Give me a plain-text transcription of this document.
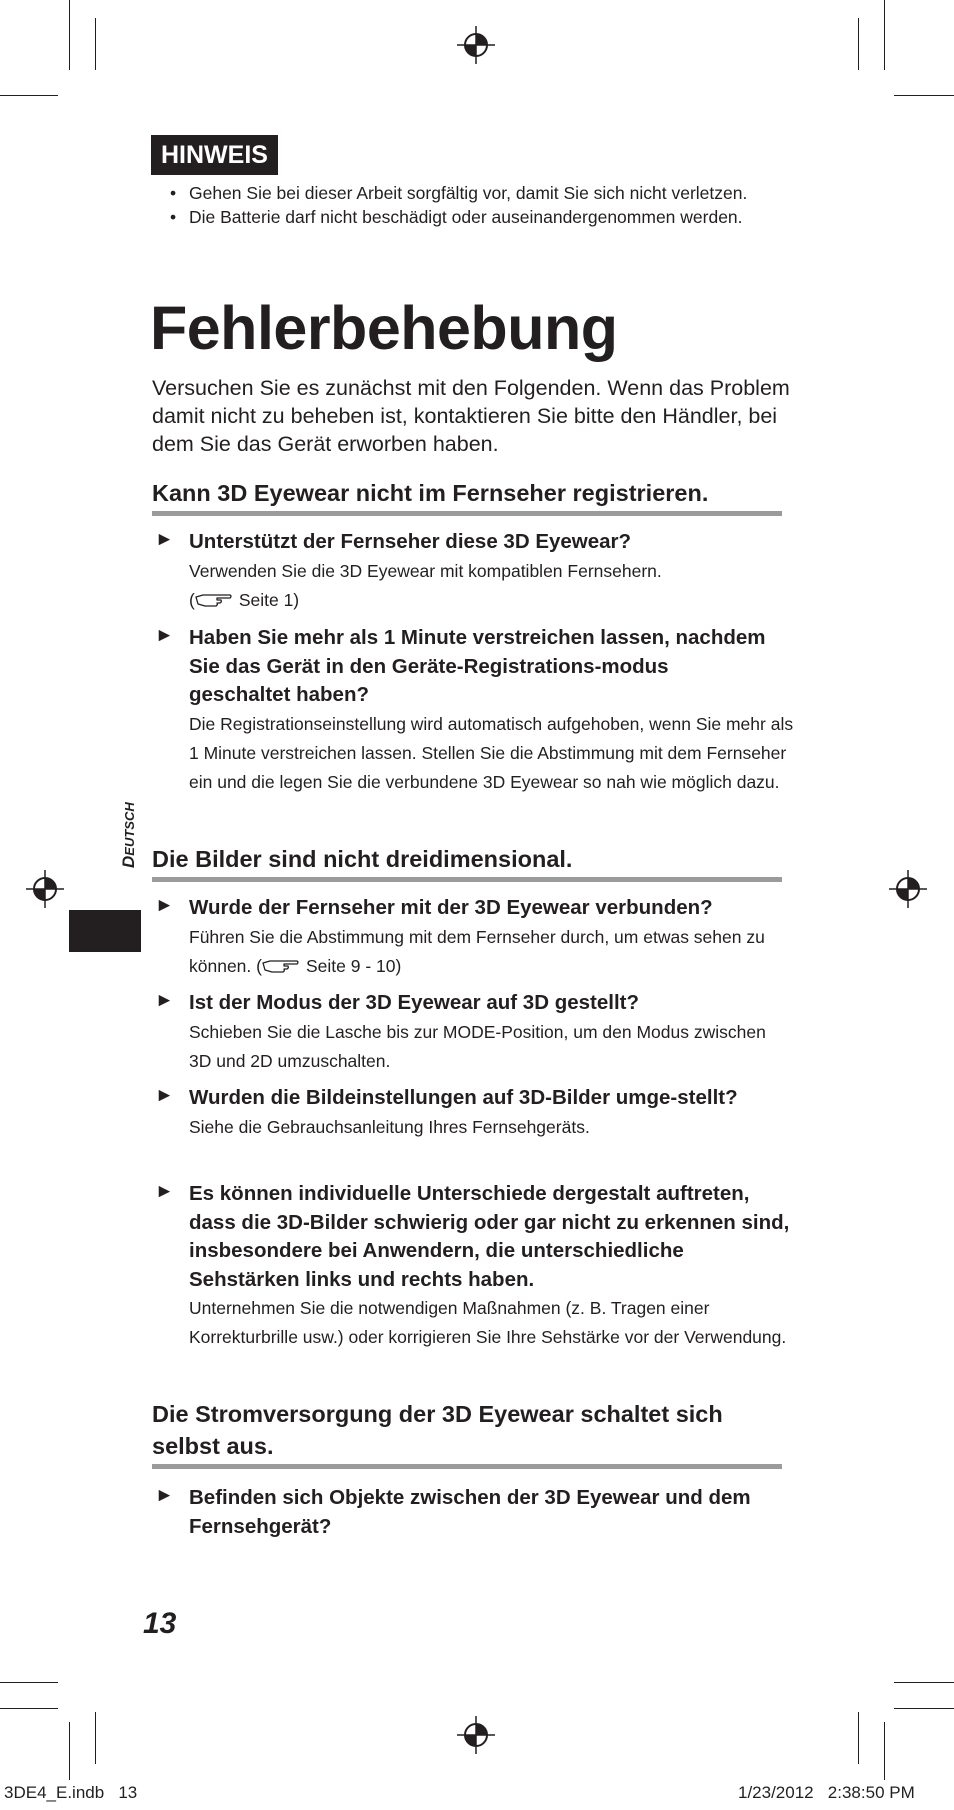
HINWEIS
• Gehen Sie bei dieser Arbeit sorgfältig vor, damit Sie sich nicht verletzen.
• Die Batterie darf nicht beschädigt oder auseinandergenommen werden.
Fehlerbehebung
Versuchen Sie es zunächst mit den Folgenden. Wenn das Problem damit nicht zu beheben ist, kontaktieren Sie bitte den Händler, bei dem Sie das Gerät erworben haben.
Kann 3D Eyewear nicht im Fernseher registrieren.
► Unterstützt der Fernseher diese 3D Eyewear?
Verwenden Sie die 3D Eyewear mit kompatiblen Fernsehern.
(	Seite 1)
► Haben Sie mehr als 1 Minute verstreichen lassen, nachdem Sie das Gerät in den Geräte-Registrations-modus geschaltet haben?
Die Registrationseinstellung wird automatisch aufgehoben, wenn Sie mehr als 1 Minute verstreichen lassen. Stellen Sie die Abstimmung mit dem Fernseher ein und die legen Sie die verbundene 3D Eyewear so nah wie möglich dazu.
Die Bilder sind nicht dreidimensional.
► Wurde der Fernseher mit der 3D Eyewear verbunden?
Führen Sie die Abstimmung mit dem Fernseher durch, um etwas sehen zu können. (	Seite 9 - 10)
► Ist der Modus der 3D Eyewear auf 3D gestellt?
Schieben Sie die Lasche bis zur MODE-Position, um den Modus zwischen 3D und 2D umzuschalten.
► Wurden die Bildeinstellungen auf 3D-Bilder umge-stellt?
Siehe die Gebrauchsanleitung Ihres Fernsehgeräts.
► Es können individuelle Unterschiede dergestalt auftreten, dass die 3D-Bilder schwierig oder gar nicht zu erkennen sind, insbesondere bei Anwendern, die unterschiedliche Sehstärken links und rechts haben.
Unternehmen Sie die notwendigen Maßnahmen (z. B. Tragen einer Korrekturbrille usw.) oder korrigieren Sie Ihre Sehstärke vor der Verwendung.
Die Stromversorgung der 3D Eyewear schaltet sich selbst aus.
► Befinden sich Objekte zwischen der 3D Eyewear und dem Fernsehgerät?
DEUTSCH
13
3DE4_E.indb   13	1/23/2012   2:38:50 PM
